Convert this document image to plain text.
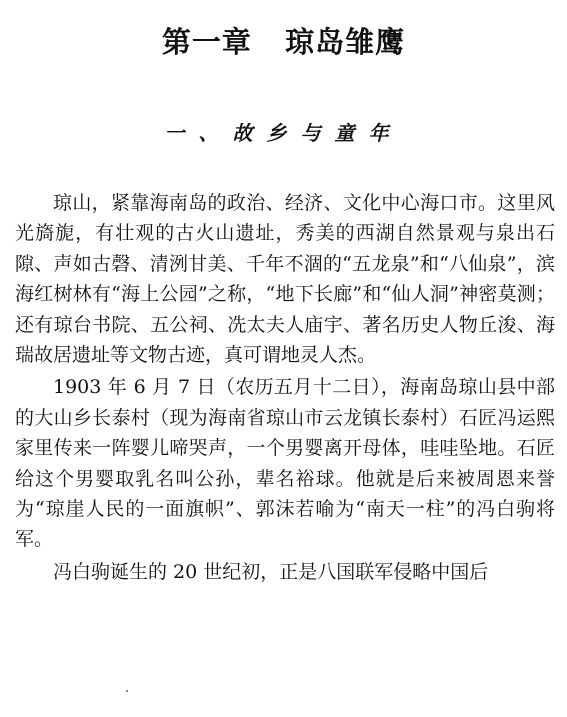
第一章   琼岛雏鹰
一、故乡与童年

琼山，紧靠海南岛的政治、经济、文化中心海口市。这里风光旖旎，有壮观的古火山遗址，秀美的西湖自然景观与泉出石隙、声如古磬、清洌甘美、千年不涸的“五龙泉”和“八仙泉”，滨海红树林有“海上公园”之称，“地下长廊”和“仙人洞”神密莫测；还有琼台书院、五公祠、冼太夫人庙宇、著名历史人物丘浚、海瑞故居遗址等文物古迹，真可谓地灵人杰。

1903 年 6 月 7 日（农历五月十二日），海南岛琼山县中部的大山乡长泰村（现为海南省琼山市云龙镇长泰村）石匠冯运熙家里传来一阵婴儿啼哭声，一个男婴离开母体，哇哇坠地。石匠给这个男婴取乳名叫公孙，辈名裕球。他就是后来被周恩来誉为“琼崖人民的一面旗帜”、郭沫若喻为“南天一柱”的冯白驹将军。

冯白驹诞生的 20 世纪初，正是八国联军侵略中国后
